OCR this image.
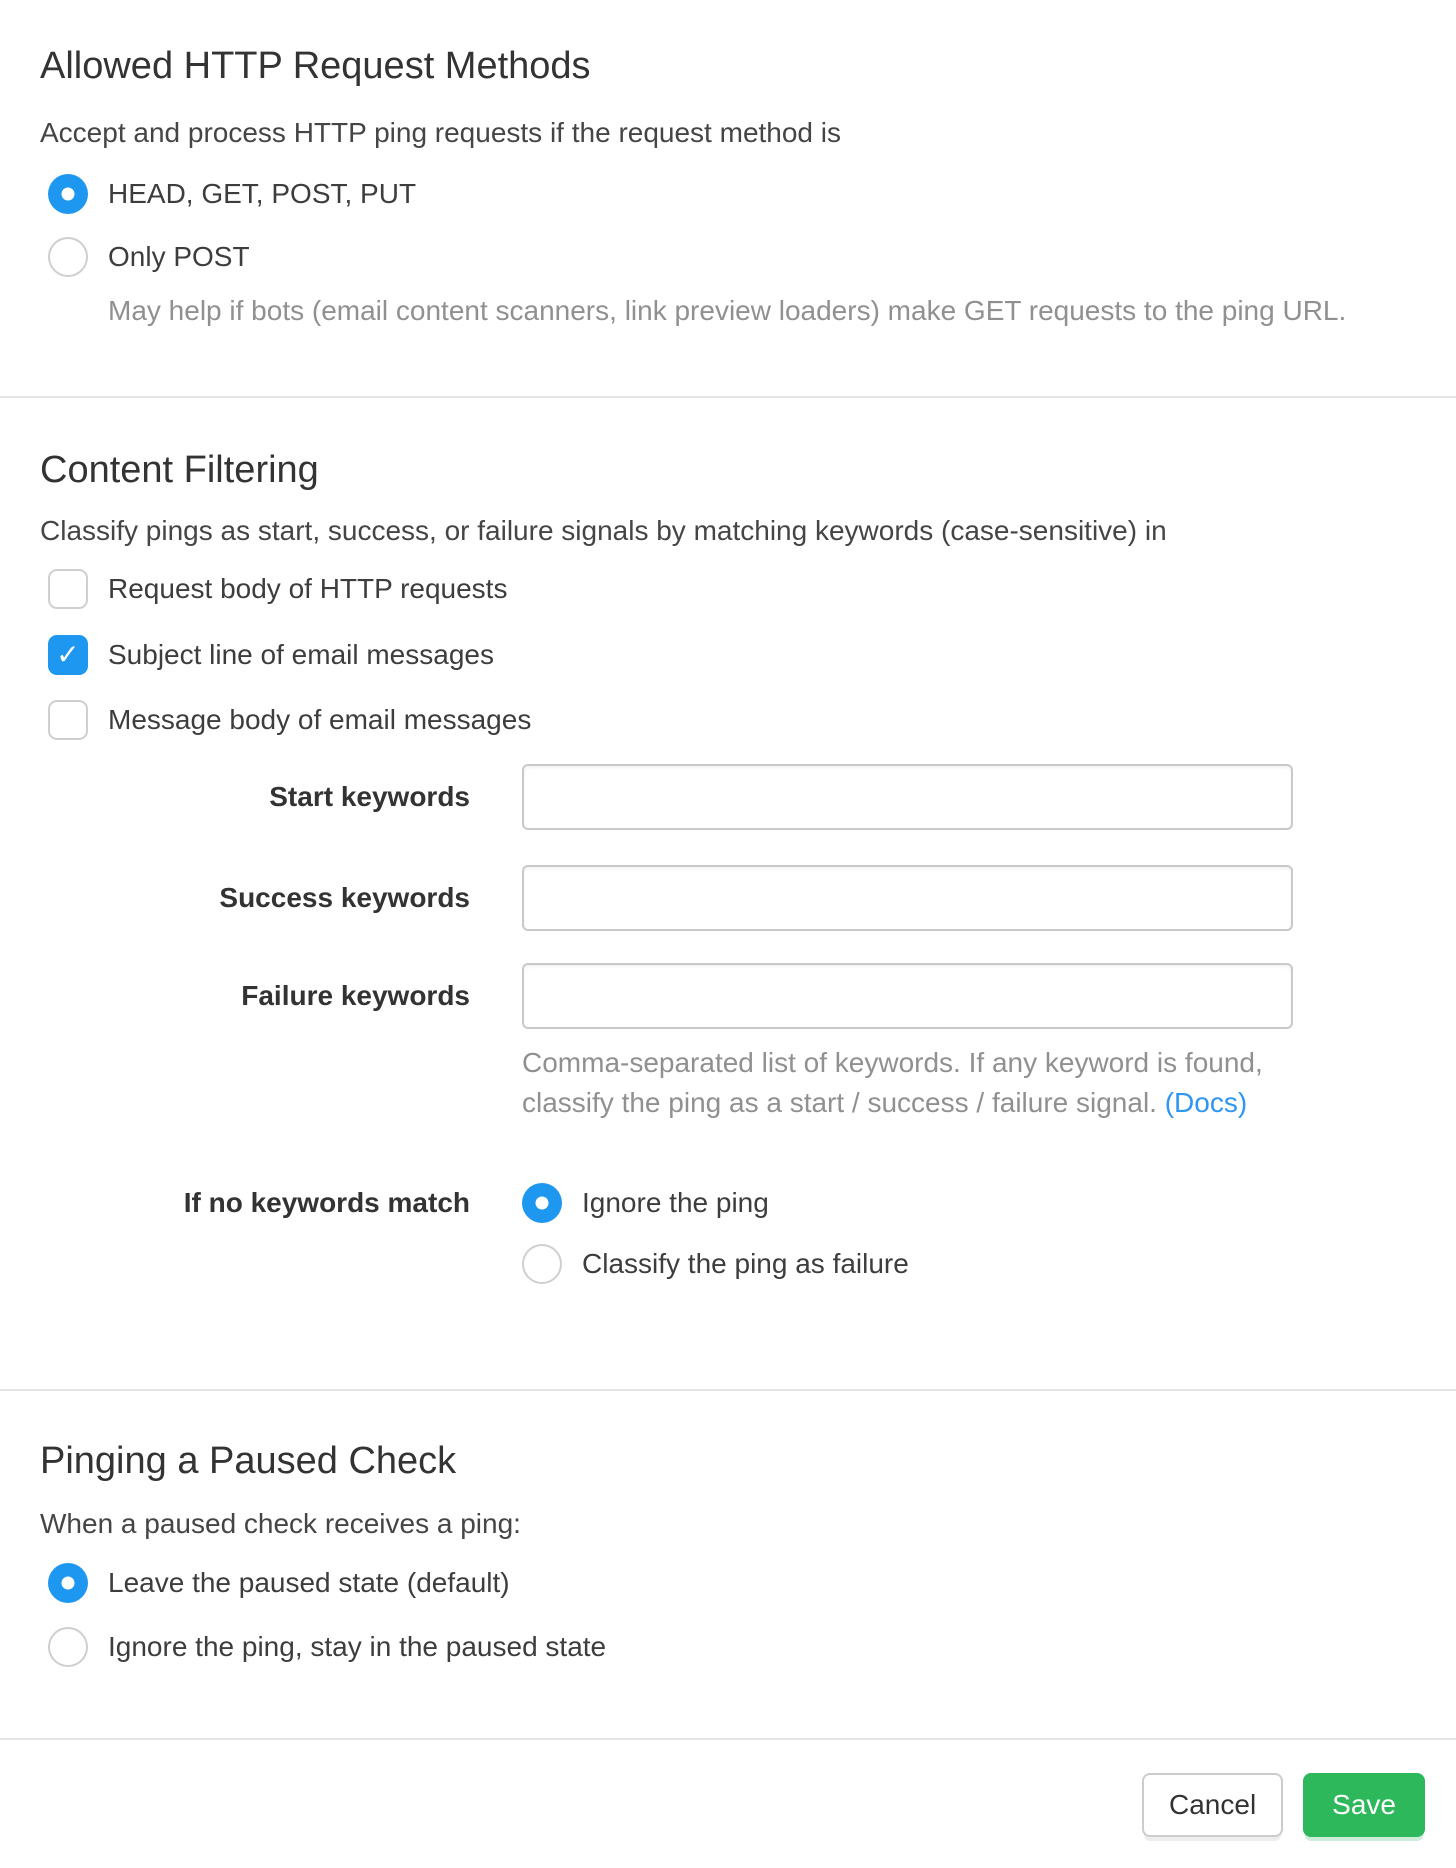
Allowed HTTP Request Methods
Accept and process HTTP ping requests if the request method is
HEAD, GET, POST, PUT
Only POST
May help if bots (email content scanners, link preview loaders) make GET requests to the ping URL.
Content Filtering
Classify pings as start, success, or failure signals by matching keywords (case-sensitive) in
Request body of HTTP requests
✓ Subject line of email messages
Message body of email messages
Start keywords
Success keywords
Failure keywords
Comma-separated list of keywords. If any keyword is found,
classify the ping as a start / success / failure signal. (Docs)
If no keywords match	Ignore the ping
Classify the ping as failure
Pinging a Paused Check
When a paused check receives a ping:
Leave the paused state (default)
Ignore the ping, stay in the paused state
Cancel	Save
